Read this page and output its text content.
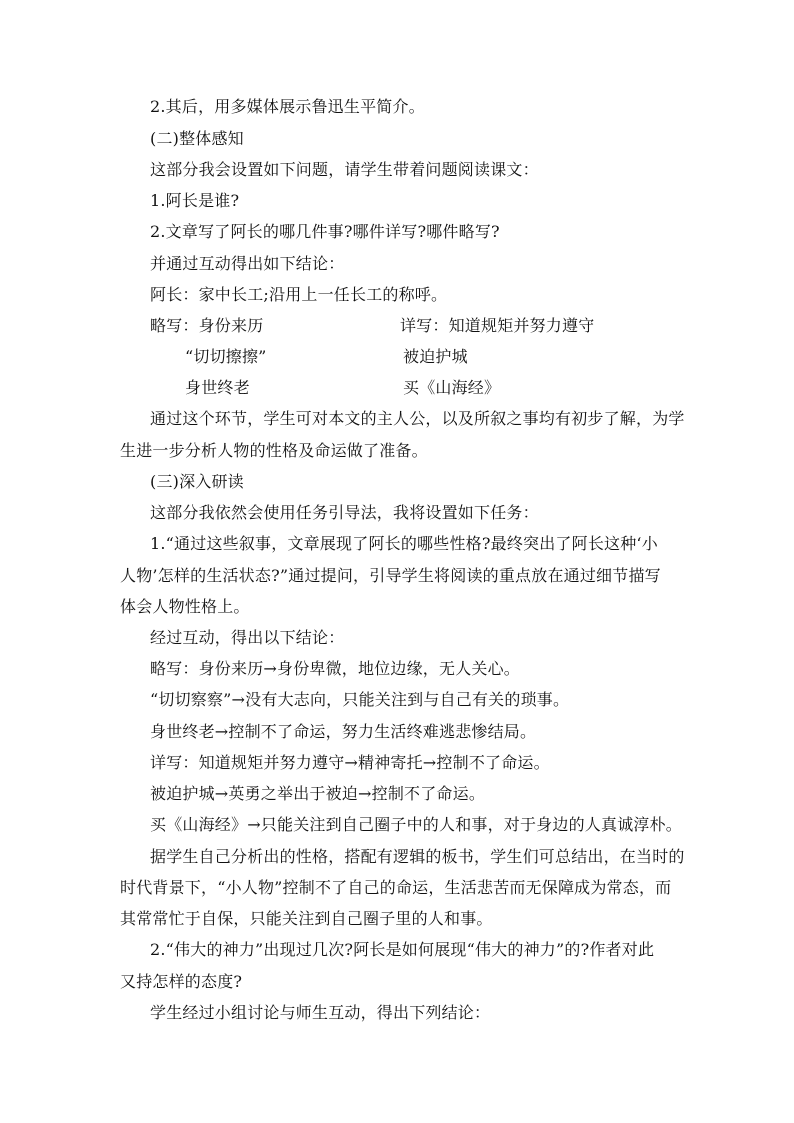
2.其后，用多媒体展示鲁迅生平简介。
(二)整体感知
这部分我会设置如下问题，请学生带着问题阅读课文：
1.阿长是谁?
2.文章写了阿长的哪几件事?哪件详写?哪件略写?
并通过互动得出如下结论：
阿长：家中长工;沿用上一任长工的称呼。
略写：身份来历	详写：知道规矩并努力遵守
“切切擦擦”	被迫护城
身世终老	买《山海经》
通过这个环节，学生可对本文的主人公，以及所叙之事均有初步了解，为学
生进一步分析人物的性格及命运做了准备。
(三)深入研读
这部分我依然会使用任务引导法，我将设置如下任务：
1.“通过这些叙事，文章展现了阿长的哪些性格?最终突出了阿长这种‘小
人物’怎样的生活状态?”通过提问，引导学生将阅读的重点放在通过细节描写
体会人物性格上。
经过互动，得出以下结论：
略写：身份来历→身份卑微，地位边缘，无人关心。
“切切察察”→没有大志向，只能关注到与自己有关的琐事。
身世终老→控制不了命运，努力生活终难逃悲惨结局。
详写：知道规矩并努力遵守→精神寄托→控制不了命运。
被迫护城→英勇之举出于被迫→控制不了命运。
买《山海经》→只能关注到自己圈子中的人和事，对于身边的人真诚淳朴。
据学生自己分析出的性格，搭配有逻辑的板书，学生们可总结出，在当时的
时代背景下，“小人物”控制不了自己的命运，生活悲苦而无保障成为常态，而
其常常忙于自保，只能关注到自己圈子里的人和事。
2.“伟大的神力”出现过几次?阿长是如何展现“伟大的神力”的?作者对此
又持怎样的态度?
学生经过小组讨论与师生互动，得出下列结论：
